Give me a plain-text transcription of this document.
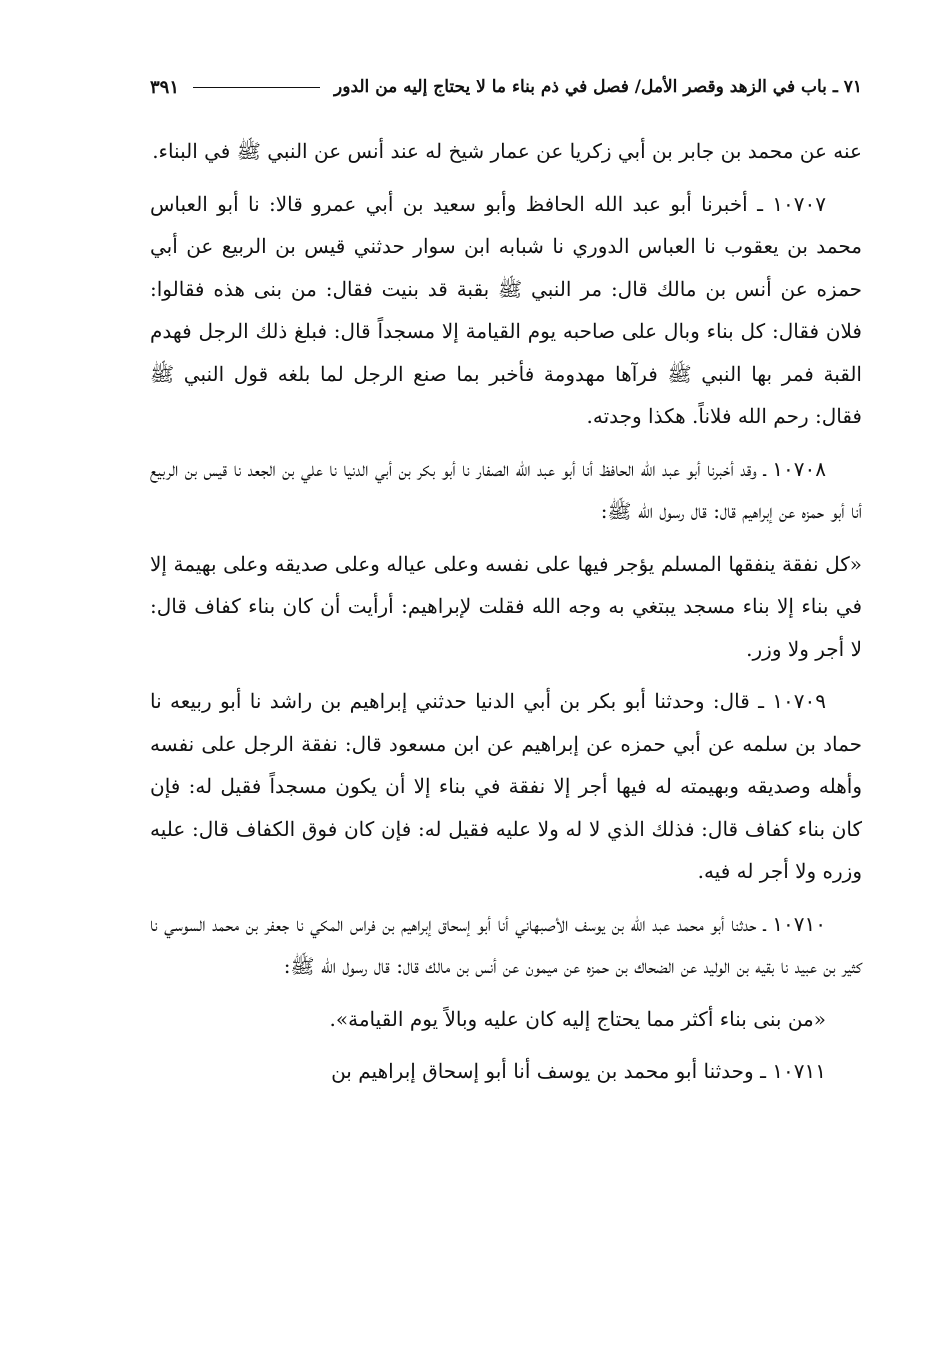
٧١ ـ باب في الزهد وقصر الأمل/ فصل في ذم بناء ما لا يحتاج إليه من الدور
٣٩١

عنه عن محمد بن جابر بن أبي زكريا عن عمار شيخ له عند أنس عن النبي ﷺ في البناء.

١٠٧٠٧ ـ أخبرنا أبو عبد الله الحافظ وأبو سعيد بن أبي عمرو قالا: نا أبو العباس محمد بن يعقوب نا العباس الدوري نا شبابه ابن سوار حدثني قيس بن الربيع عن أبي حمزه عن أنس بن مالك قال: مر النبي ﷺ بقبة قد بنيت فقال: من بنى هذه فقالوا: فلان فقال: كل بناء وبال على صاحبه يوم القيامة إلا مسجداً قال: فبلغ ذلك الرجل فهدم القبة فمر بها النبي ﷺ فرآها مهدومة فأخبر بما صنع الرجل لما بلغه قول النبي ﷺ فقال: رحم الله فلاناً. هكذا وجدته.

١٠٧٠٨ ـ وقد أخبرنا أبو عبد الله الحافظ أنا أبو عبد الله الصفار نا أبو بكر بن أبي الدنيا نا علي بن الجعد نا قيس بن الربيع أنا أبو حمزه عن إبراهيم قال: قال رسول الله ﷺ:

«كل نفقة ينفقها المسلم يؤجر فيها على نفسه وعلى عياله وعلى صديقه وعلى بهيمة إلا في بناء إلا بناء مسجد يبتغي به وجه الله فقلت لإبراهيم: أرأيت أن كان بناء كفاف قال: لا أجر ولا وزر.

١٠٧٠٩ ـ قال: وحدثنا أبو بكر بن أبي الدنيا حدثني إبراهيم بن راشد نا أبو ربيعه نا حماد بن سلمه عن أبي حمزه عن إبراهيم عن ابن مسعود قال: نفقة الرجل على نفسه وأهله وصديقه وبهيمته له فيها أجر إلا نفقة في بناء إلا أن يكون مسجداً فقيل له: فإن كان بناء كفاف قال: فذلك الذي لا له ولا عليه فقيل له: فإن كان فوق الكفاف قال: عليه وزره ولا أجر له فيه.

١٠٧١٠ ـ حدثنا أبو محمد عبد الله بن يوسف الأصبهاني أنا أبو إسحاق إبراهيم بن فراس المكي نا جعفر بن محمد السوسي نا كثير بن عبيد نا بقيه بن الوليد عن الضحاك بن حمزه عن ميمون عن أنس بن مالك قال: قال رسول الله ﷺ:

«من بنى بناء أكثر مما يحتاج إليه كان عليه وبالاً يوم القيامة».

١٠٧١١ ـ وحدثنا أبو محمد بن يوسف أنا أبو إسحاق إبراهيم بن
